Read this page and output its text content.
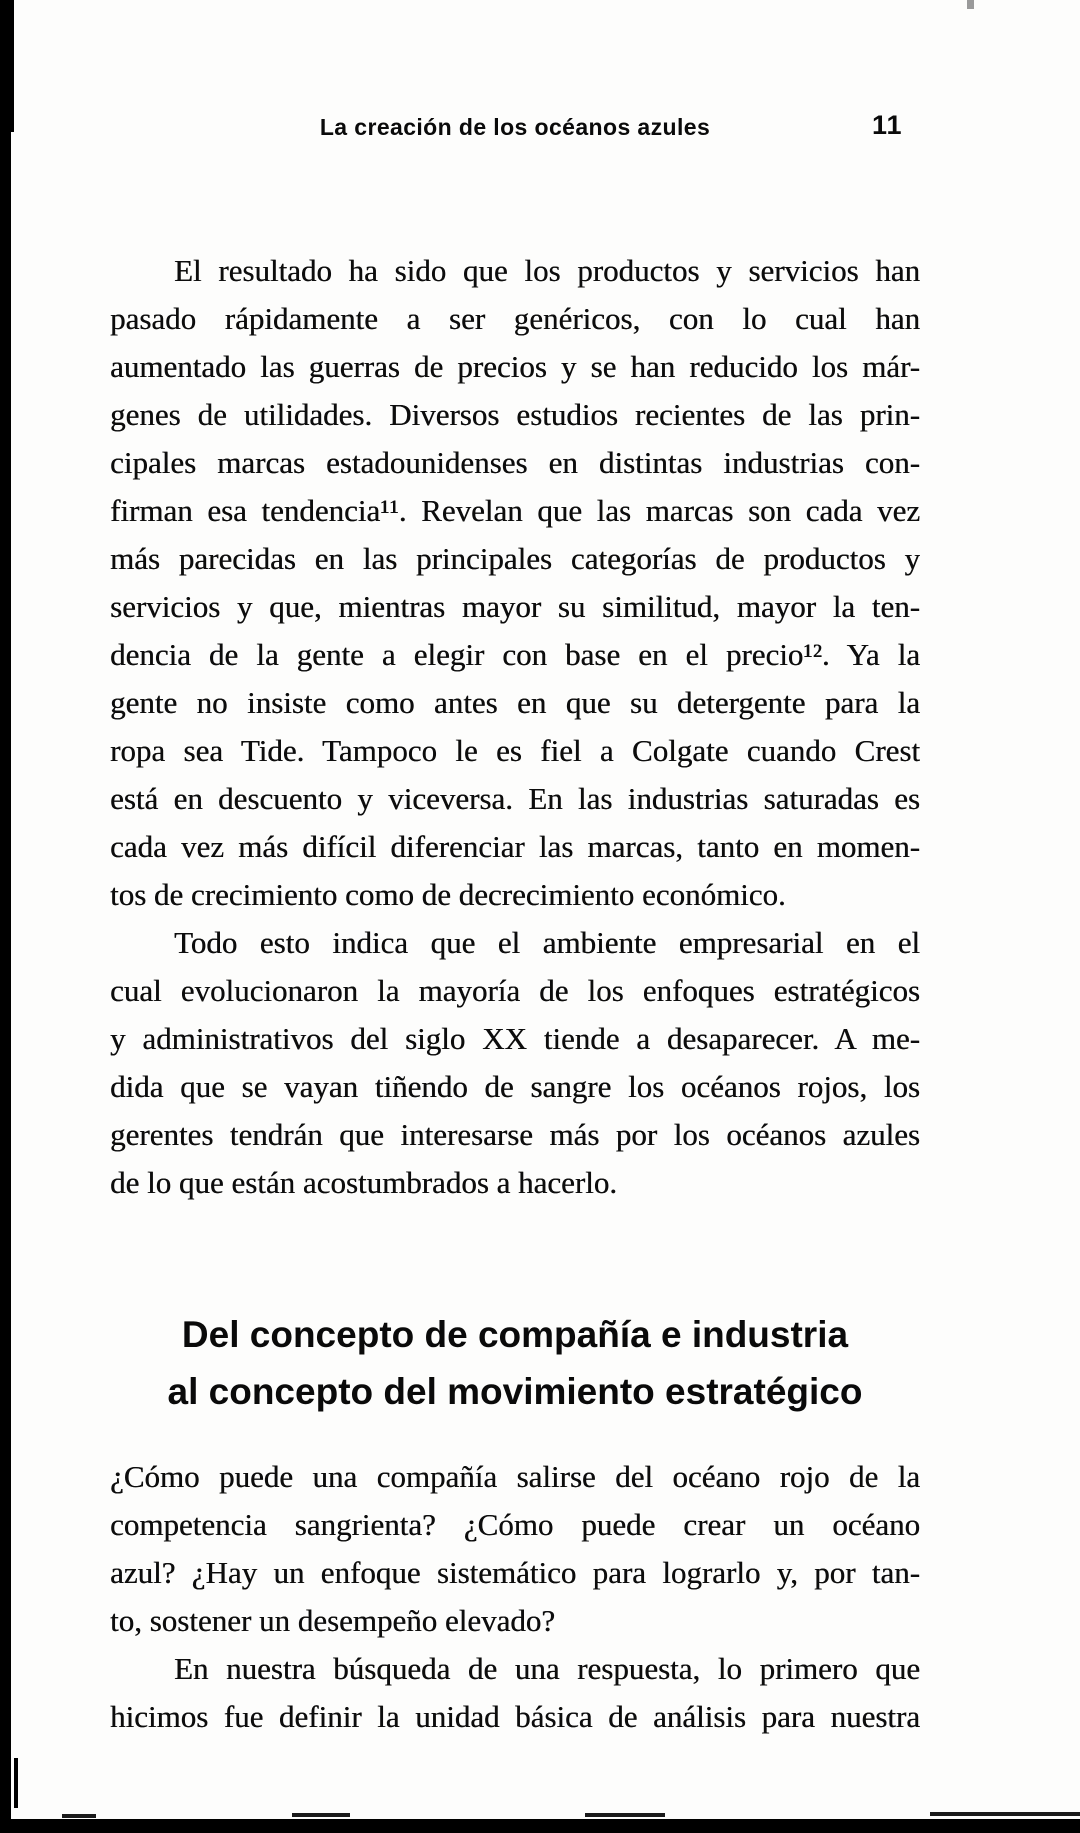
La creación de los océanos azules	11
El resultado ha sido que los productos y servicios han
pasado rápidamente a ser genéricos, con lo cual han
aumentado las guerras de precios y se han reducido los már-
genes de utilidades. Diversos estudios recientes de las prin-
cipales marcas estadounidenses en distintas industrias con-
firman esa tendencia¹¹. Revelan que las marcas son cada vez
más parecidas en las principales categorías de productos y
servicios y que, mientras mayor su similitud, mayor la ten-
dencia de la gente a elegir con base en el precio¹². Ya la
gente no insiste como antes en que su detergente para la
ropa sea Tide. Tampoco le es fiel a Colgate cuando Crest
está en descuento y viceversa. En las industrias saturadas es
cada vez más difícil diferenciar las marcas, tanto en momen-
tos de crecimiento como de decrecimiento económico.
Todo esto indica que el ambiente empresarial en el
cual evolucionaron la mayoría de los enfoques estratégicos
y administrativos del siglo XX tiende a desaparecer. A me-
dida que se vayan tiñendo de sangre los océanos rojos, los
gerentes tendrán que interesarse más por los océanos azules
de lo que están acostumbrados a hacerlo.
Del concepto de compañía e industria
al concepto del movimiento estratégico
¿Cómo puede una compañía salirse del océano rojo de la
competencia sangrienta? ¿Cómo puede crear un océano
azul? ¿Hay un enfoque sistemático para lograrlo y, por tan-
to, sostener un desempeño elevado?
En nuestra búsqueda de una respuesta, lo primero que
hicimos fue definir la unidad básica de análisis para nuestra
